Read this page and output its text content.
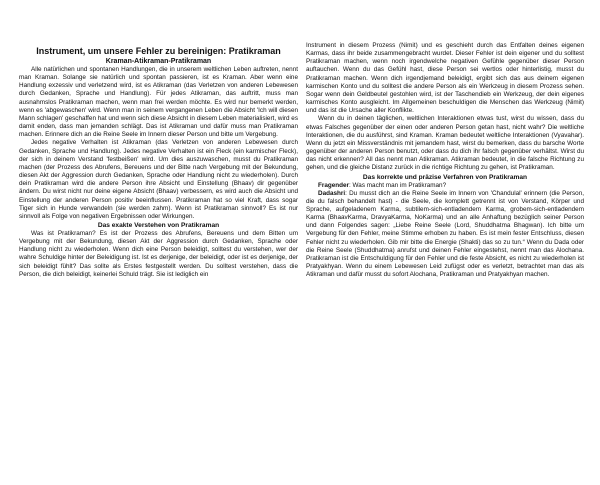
Instrument, um unsere Fehler zu bereinigen: Pratikraman
Kraman-Atikraman-Pratikraman

Alle natürlichen und spontanen Handlungen, die in unserem weltlichen Leben auftreten, nennt man Kraman. Solange sie natürlich und spontan passieren, ist es Kraman. Aber wenn eine Handlung exzessiv und verletzend wird, ist es Atikraman (das Verletzen von anderen Lebewesen durch Gedanken, Sprache und Handlung). Für jedes Atikraman, das auftritt, muss man ausnahmslos Pratikraman machen, wenn man frei werden möchte. Es wird nur bemerkt werden, wenn es 'abgewaschen' wird. Wenn man in seinem vergangenen Leben die Absicht 'Ich will diesen Mann schlagen' geschaffen hat und wenn sich diese Absicht in diesem Leben materialisiert, wird es damit enden, dass man jemanden schlägt. Das ist Atikraman und dafür muss man Pratikraman machen. Erinnere dich an die Reine Seele im Innern dieser Person und bitte um Vergebung.

Jedes negative Verhalten ist Atikraman (das Verletzen von anderen Lebewesen durch Gedanken, Sprache und Handlung). Jedes negative Verhalten ist ein Fleck (ein karmischer Fleck), der sich in deinem Verstand 'festbeißen' wird. Um dies auszuwaschen, musst du Pratikraman machen (der Prozess des Abrufens, Bereuens und der Bitte nach Vergebung mit der Bekundung, diesen Akt der Aggression durch Gedanken, Sprache oder Handlung nicht zu wiederholen). Durch dein Pratikraman wird die andere Person ihre Absicht und Einstellung (Bhaav) dir gegenüber ändern. Du wirst nicht nur deine eigene Absicht (Bhaav) verbessern, es wird auch die Absicht und Einstellung der anderen Person positiv beeinflussen. Pratikraman hat so viel Kraft, dass sogar Tiger sich in Hunde verwandeln (sie werden zahm). Wenn ist Pratikraman sinnvoll? Es ist nur sinnvoll als Folge von negativen Ergebnissen oder Wirkungen.

Das exakte Verstehen von Pratikraman

Was ist Pratikraman? Es ist der Prozess des Abrufens, Bereuens und dem Bitten um Vergebung mit der Bekundung, diesen Akt der Aggression durch Gedanken, Sprache oder Handlung nicht zu wiederholen. Wenn dich eine Person beleidigt, solltest du verstehen, wer der wahre Schuldige hinter der Beleidigung ist. Ist es derjenige, der beleidigt, oder ist es derjenige, der sich beleidigt fühlt? Das sollte als Erstes festgestellt werden. Du solltest verstehen, dass die Person, die dich beleidigt, keinerlei Schuld trägt. Sie ist lediglich ein

Instrument in diesem Prozess (Nimit) und es geschieht durch das Entfalten deines eigenen Karmas, dass ihr beide zusammengebracht wurdet. Dieser Fehler ist dein eigener und du solltest Pratikraman machen, wenn noch irgendwelche negativen Gefühle gegenüber dieser Person auftauchen. Wenn du das Gefühl hast, diese Person sei wertlos oder hinterlistig, musst du Pratikraman machen. Wenn dich irgendjemand beleidigt, ergibt sich das aus deinem eigenen karmischen Konto und du solltest die andere Person als ein Werkzeug in diesem Prozess sehen. Sogar wenn dein Geldbeutel gestohlen wird, ist der Taschendieb ein Werkzeug, der dein eigenes karmisches Konto ausgleicht. Im Allgemeinen beschuldigen die Menschen das Werkzeug (Nimit) und das ist die Ursache aller Konflikte.

Wenn du in deinen täglichen, weltlichen Interaktionen etwas tust, wirst du wissen, dass du etwas Falsches gegenüber der einen oder anderen Person getan hast, nicht wahr? Die weltliche Interaktionen, die du ausführst, sind Kraman. Kraman bedeutet weltliche Interaktionen (Vyavahar). Wenn du jetzt ein Missverständnis mit jemandem hast, wirst du bemerken, dass du barsche Worte gegenüber der anderen Person benutzt, oder dass du dich ihr falsch gegenüber verhältst. Wirst du das nicht erkennen? All das nennt man Atikraman. Atikraman bedeutet, in die falsche Richtung zu gehen, und die gleiche Distanz zurück in die richtige Richtung zu gehen, ist Pratikraman.

Das korrekte und präzise Verfahren von Pratikraman

Fragender: Was macht man im Pratikraman?

Dadashri: Du musst dich an die Reine Seele im Innern von 'Chandulal' erinnern (die Person, die du falsch behandelt hast) - die Seele, die komplett getrennt ist von Verstand, Körper und Sprache, aufgeladenem Karma, subtilem-sich-entladendem Karma, grobem-sich-entladendem Karma (BhaavKarma, DravyaKarma, NoKarma) und an alle Anhaftung bezüglich seiner Person und dann Folgendes sagen: „Liebe Reine Seele (Lord, Shuddhatma Bhagwan). Ich bitte um Vergebung für den Fehler, meine Stimme erhoben zu haben. Es ist mein fester Entschluss, diesen Fehler nicht zu wiederholen. Gib mir bitte die Energie (Shakti) das so zu tun.“ Wenn du Dada oder die Reine Seele (Shuddhatma) anrufst und deinen Fehler eingestehst, nennt man das Alochana. Pratikraman ist die Entschuldigung für den Fehler und die feste Absicht, es nicht zu wiederholen ist Pratyakhyan. Wenn du einem Lebewesen Leid zufügst oder es verletzt, betrachtet man das als Atikraman und dafür musst du sofort Alochana, Pratikraman und Pratyakhyan machen.
